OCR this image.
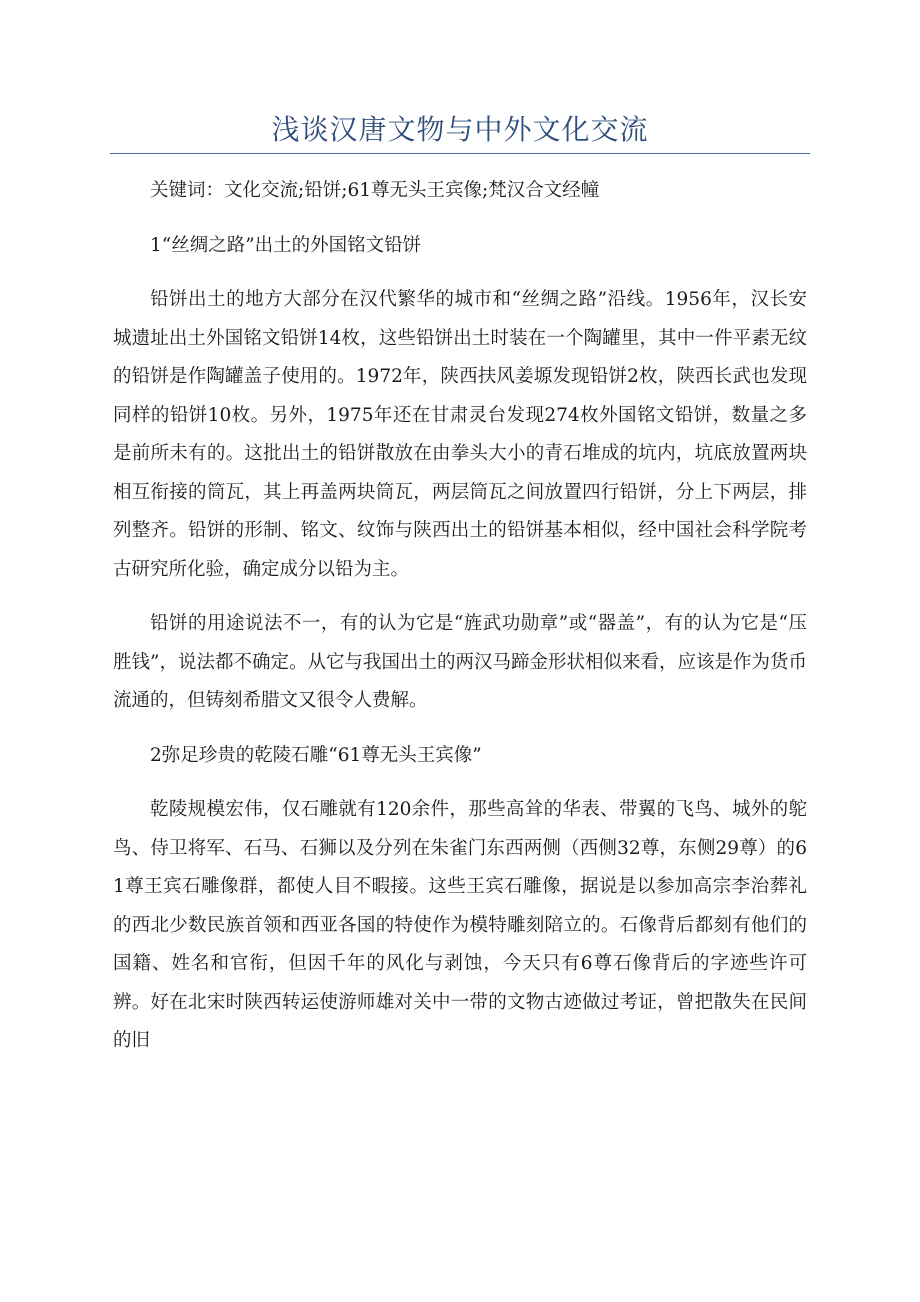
浅谈汉唐文物与中外文化交流

关键词：文化交流;铅饼;61尊无头王宾像;梵汉合文经幢

1“丝绸之路”出土的外国铭文铅饼

铅饼出土的地方大部分在汉代繁华的城市和“丝绸之路”沿线。1956年，汉长安城遗址出土外国铭文铅饼14枚，这些铅饼出土时装在一个陶罐里，其中一件平素无纹的铅饼是作陶罐盖子使用的。1972年，陕西扶风姜塬发现铅饼2枚，陕西长武也发现同样的铅饼10枚。另外，1975年还在甘肃灵台发现274枚外国铭文铅饼，数量之多是前所未有的。这批出土的铅饼散放在由拳头大小的青石堆成的坑内，坑底放置两块相互衔接的筒瓦，其上再盖两块筒瓦，两层筒瓦之间放置四行铅饼，分上下两层，排列整齐。铅饼的形制、铭文、纹饰与陕西出土的铅饼基本相似，经中国社会科学院考古研究所化验，确定成分以铅为主。

铅饼的用途说法不一，有的认为它是“旌武功勋章”或“器盖”，有的认为它是“压胜钱”，说法都不确定。从它与我国出土的两汉马蹄金形状相似来看，应该是作为货币流通的，但铸刻希腊文又很令人费解。

2弥足珍贵的乾陵石雕“61尊无头王宾像”

乾陵规模宏伟，仅石雕就有120余件，那些高耸的华表、带翼的飞鸟、城外的鸵鸟、侍卫将军、石马、石狮以及分列在朱雀门东西两侧（西侧32尊，东侧29尊）的61尊王宾石雕像群，都使人目不暇接。这些王宾石雕像，据说是以参加高宗李治葬礼的西北少数民族首领和西亚各国的特使作为模特雕刻陪立的。石像背后都刻有他们的国籍、姓名和官衔，但因千年的风化与剥蚀，今天只有6尊石像背后的字迹些许可辨。好在北宋时陕西转运使游师雄对关中一带的文物古迹做过考证，曾把散失在民间的旧
